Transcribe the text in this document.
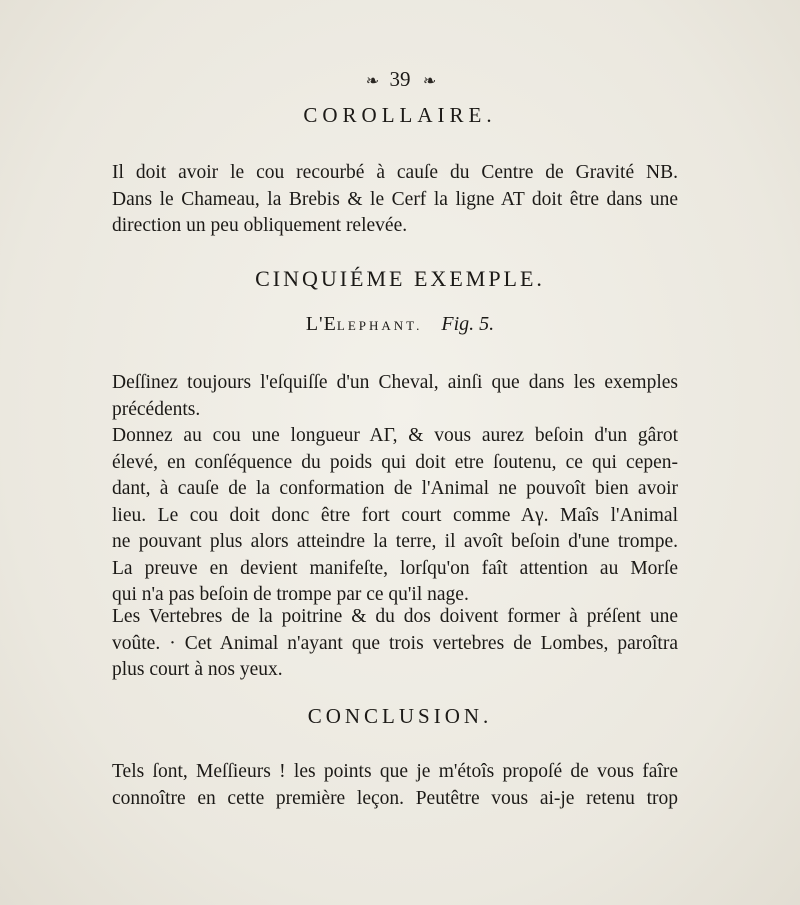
❧ 39 ❧
COROLLAIRE.

Il doit avoir le cou recourbé à cauſe du Centre de Gravité NB.
Dans le Chameau, la Brebis & le Cerf la ligne AT doit être dans une
direction un peu obliquement relevée.

CINQUIÉME EXEMPLE.
L'ELEPHANT. Fig. 5.

Deſſinez toujours l'eſquiſſe d'un Cheval, ainſi que dans les exemples
précédents.

Donnez au cou une longueur AΓ, & vous aurez beſoin d'un gârot
élevé, en conſéquence du poids qui doit etre ſoutenu, ce qui cepen-
dant, à cauſe de la conformation de l'Animal ne pouvoît bien avoir
lieu. Le cou doit donc être fort court comme Aγ. Maîs l'Animal
ne pouvant plus alors atteindre la terre, il avoît beſoin d'une trompe.
La preuve en devient manifeſte, lorſqu'on faît attention au Morſe
qui n'a pas beſoin de trompe par ce qu'il nage.

Les Vertebres de la poitrine & du dos doivent former à préſent une
voûte. · Cet Animal n'ayant que trois vertebres de Lombes, paroîtra
plus court à nos yeux.

CONCLUSION.

Tels ſont, Meſſieurs ! les points que je m'étoîs propoſé de vous faîre
connoître en cette première leçon. Peutêtre vous ai-je retenu trop
